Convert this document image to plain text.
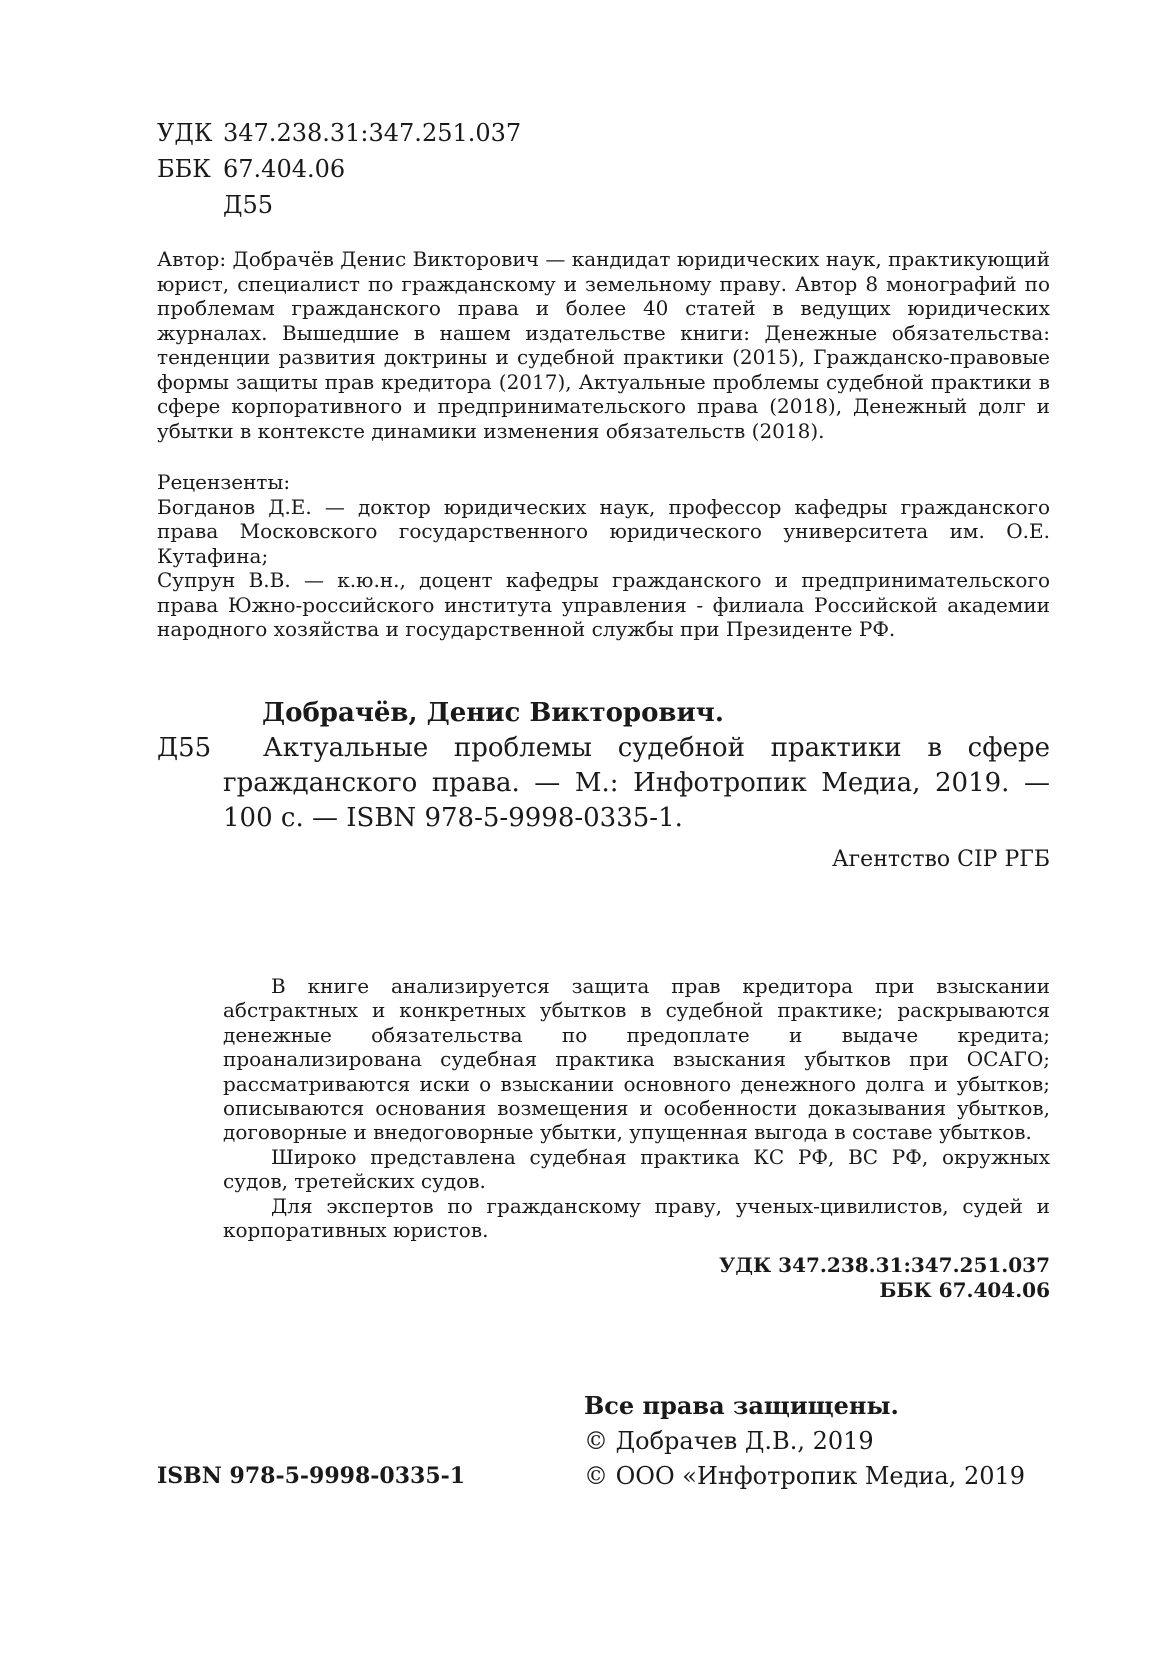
УДК 347.238.31:347.251.037
ББК 67.404.06
Д55

Автор: Добрачёв Денис Викторович — кандидат юридических наук, практикующий юрист, специалист по гражданскому и земельному праву. Автор 8 монографий по проблемам гражданского права и более 40 статей в ведущих юридических журналах. Вышедшие в нашем издательстве книги: Денежные обязательства: тенденции развития доктрины и судебной практики (2015), Гражданско-правовые формы защиты прав кредитора (2017), Актуальные проблемы судебной практики в сфере корпоративного и предпринимательского права (2018), Денежный долг и убытки в контексте динамики изменения обязательств (2018).

Рецензенты:

Богданов Д.Е. — доктор юридических наук, профессор кафедры гражданского права Московского государственного юридического университета им. О.Е. Кутафина;

Супрун В.В. — к.ю.н., доцент кафедры гражданского и предпринимательского права Южно-российского института управления - филиала Российской академии народного хозяйства и государственной службы при Президенте РФ.

Добрачёв, Денис Викторович.
Д55	Актуальные проблемы судебной практики в сфере гражданского права. — М.: Инфотропик Медиа, 2019. — 100 с. — ISBN 978-5-9998-0335-1.
Агентство CIP РГБ

В книге анализируется защита прав кредитора при взыскании абстрактных и конкретных убытков в судебной практике; раскрываются денежные обязательства по предоплате и выдаче кредита; проанализирована судебная практика взыскания убытков при ОСАГО; рассматриваются иски о взыскании основного денежного долга и убытков; описываются основания возмещения и особенности доказывания убытков, договорные и внедоговорные убытки, упущенная выгода в составе убытков.

Широко представлена судебная практика КС РФ, ВС РФ, окружных судов, третейских судов.

Для экспертов по гражданскому праву, ученых-цивилистов, судей и корпоративных юристов.

УДК 347.238.31:347.251.037
ББК 67.404.06
Все права защищены.
© Добрачев Д.В., 2019
ISBN 978-5-9998-0335-1	© ООО «Инфотропик Медиа, 2019
